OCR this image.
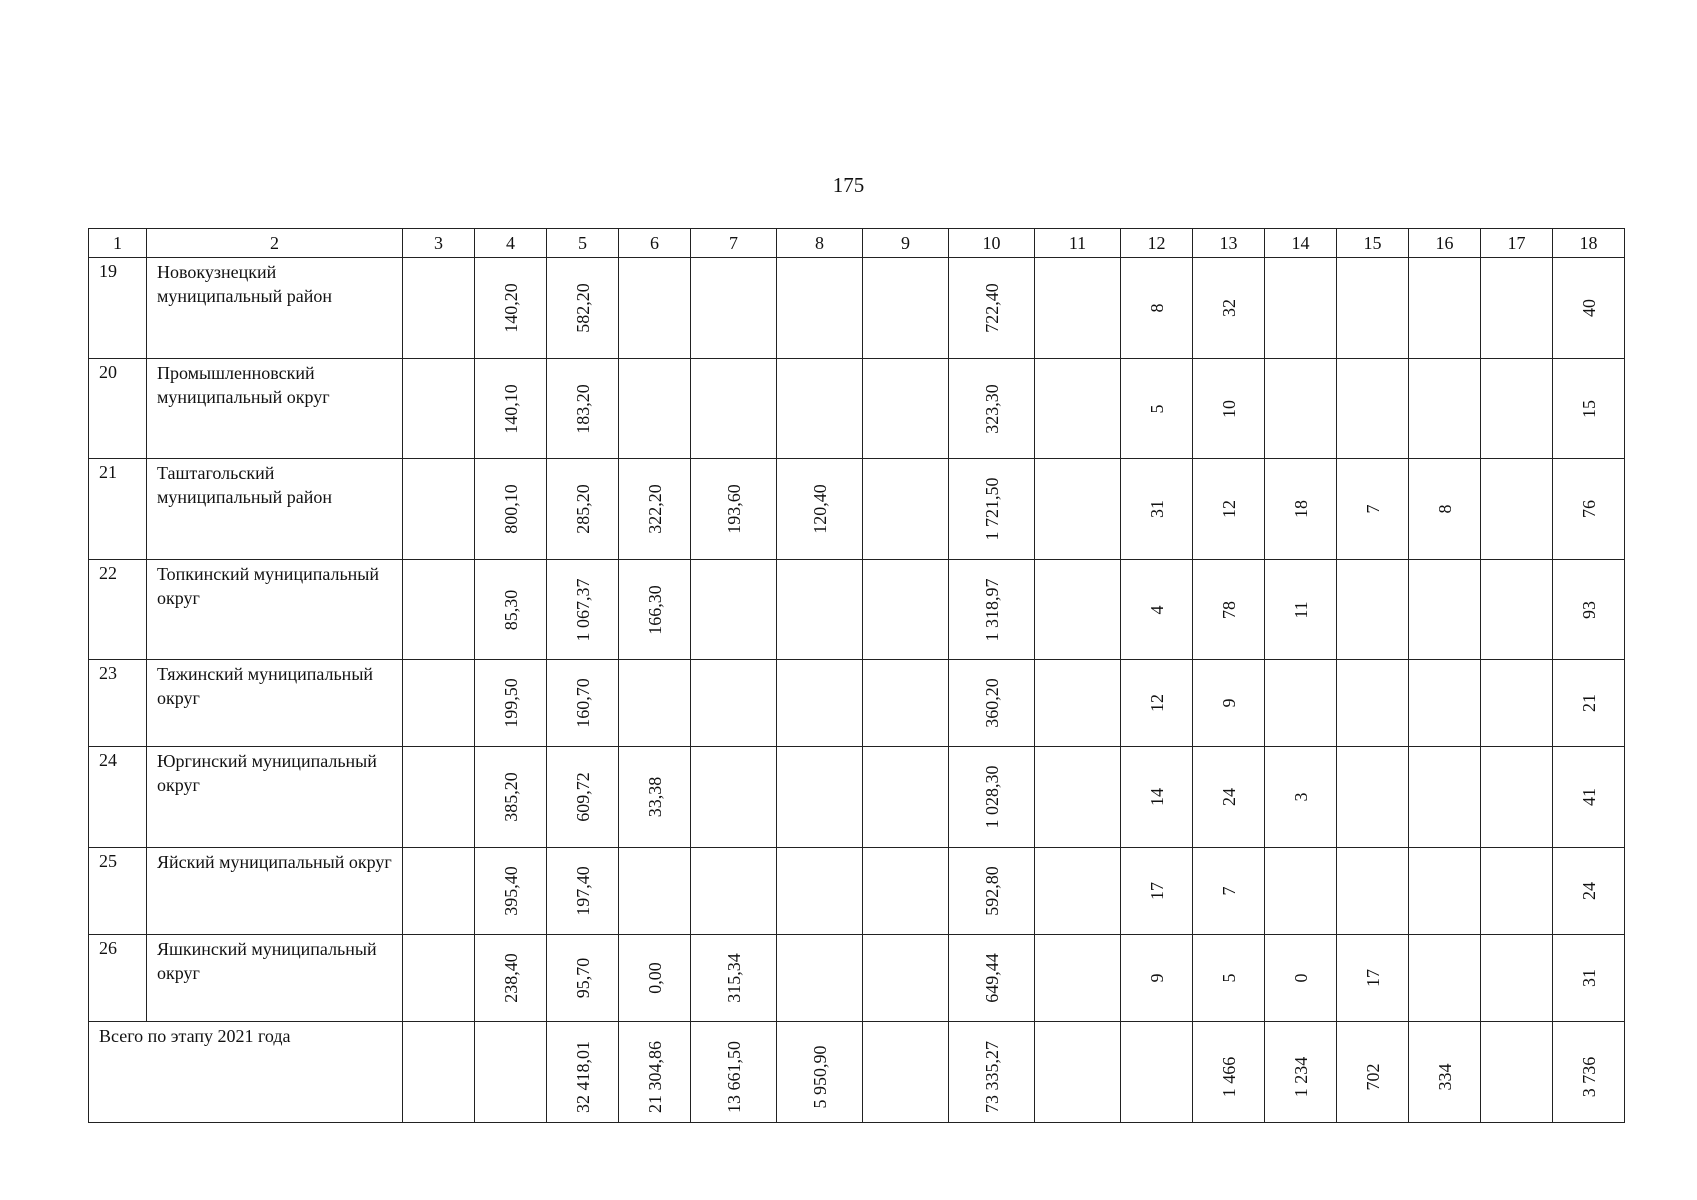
175
1	2	3	4	5	6	7	8	9	10	11	12	13	14	15	16	17	18

19	Новокузнецкий муниципальный район		140,20	582,20					722,40		8	32					40

20	Промышленновский муниципальный округ		140,10	183,20					323,30		5	10					15

21	Таштагольский муниципальный район		800,10	285,20	322,20	193,60	120,40		1 721,50		31	12	18	7	8		76

22	Топкинский муниципальный округ		85,30	1 067,37	166,30				1 318,97		4	78	11				93

23	Тяжинский муниципальный округ		199,50	160,70					360,20		12	9					21

24	Юргинский муниципальный округ		385,20	609,72	33,38				1 028,30		14	24	3				41

25	Яйский муниципальный округ		395,40	197,40					592,80		17	7					24

26	Яшкинский муниципальный округ		238,40	95,70	0,00	315,34			649,44		9	5	0	17			31

Всего по этапу 2021 года				32 418,01	21 304,86	13 661,50	5 950,90		73 335,27			1 466	1 234	702	334		3 736
